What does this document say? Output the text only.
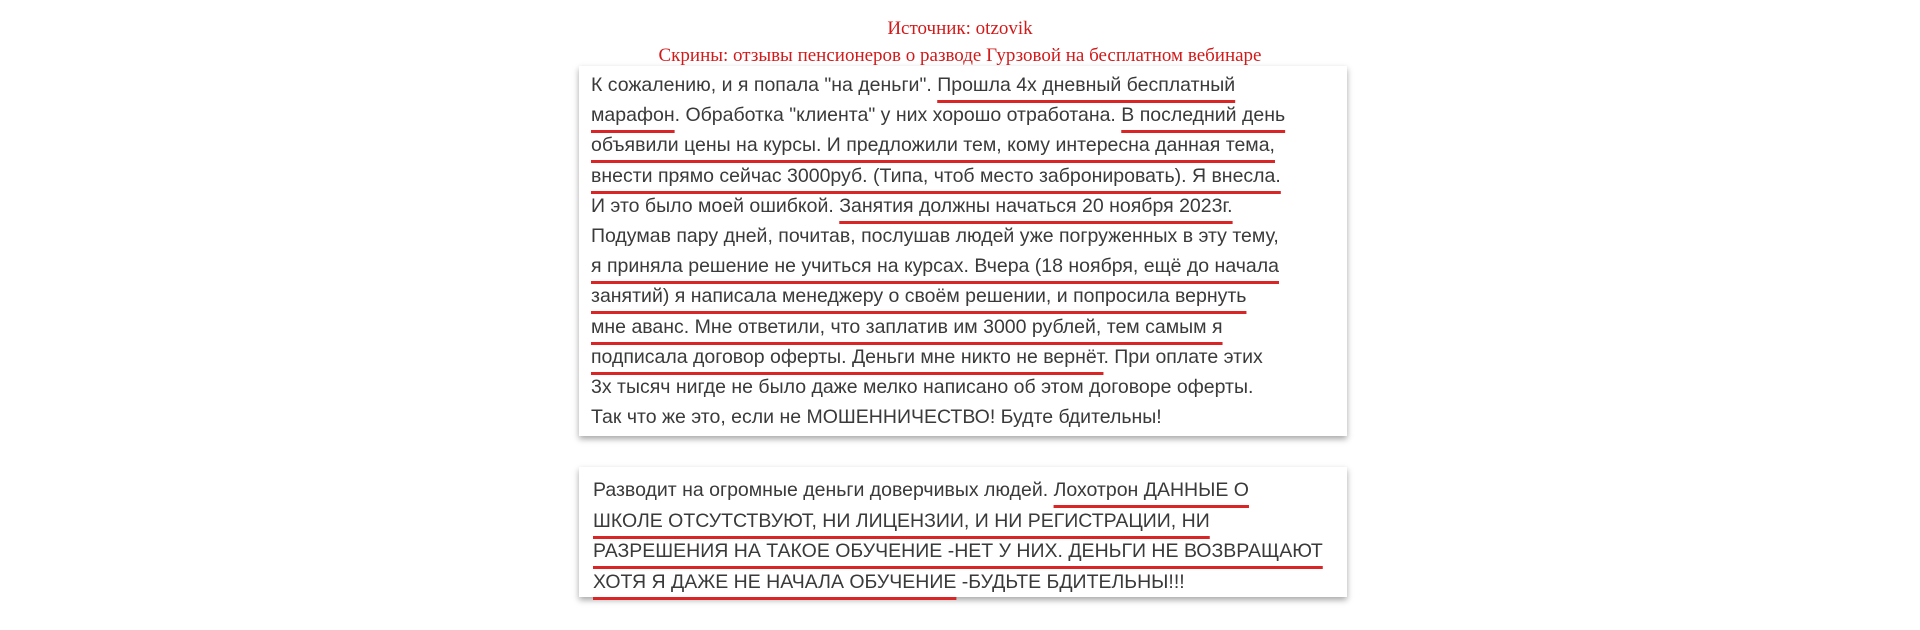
Источник: otzovik
Скрины: отзывы пенсионеров о разводе Гурзовой на бесплатном вебинаре
К сожалению, и я попала "на деньги". Прошла 4х дневный бесплатный
марафон. Обработка "клиента" у них хорошо отработана. В последний день
объявили цены на курсы. И предложили тем, кому интересна данная тема,
внести прямо сейчас 3000руб. (Типа, чтоб место забронировать). Я внесла.
И это было моей ошибкой. Занятия должны начаться 20 ноября 2023г.
Подумав пару дней, почитав, послушав людей уже погруженных в эту тему,
я приняла решение не учиться на курсах. Вчера (18 ноября, ещё до начала
занятий) я написала менеджеру о своём решении, и попросила вернуть
мне аванс. Мне ответили, что заплатив им 3000 рублей, тем самым я
подписала договор оферты. Деньги мне никто не вернёт. При оплате этих
3х тысяч нигде не было даже мелко написано об этом договоре оферты.
Так что же это, если не МОШЕННИЧЕСТВО! Будте бдительны!
Разводит на огромные деньги доверчивых людей. Лохотрон ДАННЫЕ О
ШКОЛЕ ОТСУТСТВУЮТ, НИ ЛИЦЕНЗИИ, И НИ РЕГИСТРАЦИИ, НИ
РАЗРЕШЕНИЯ НА ТАКОЕ ОБУЧЕНИЕ -НЕТ У НИХ. ДЕНЬГИ НЕ ВОЗВРАЩАЮТ
ХОТЯ Я ДАЖЕ НЕ НАЧАЛА ОБУЧЕНИЕ -БУДЬТЕ БДИТЕЛЬНЫ!!!
